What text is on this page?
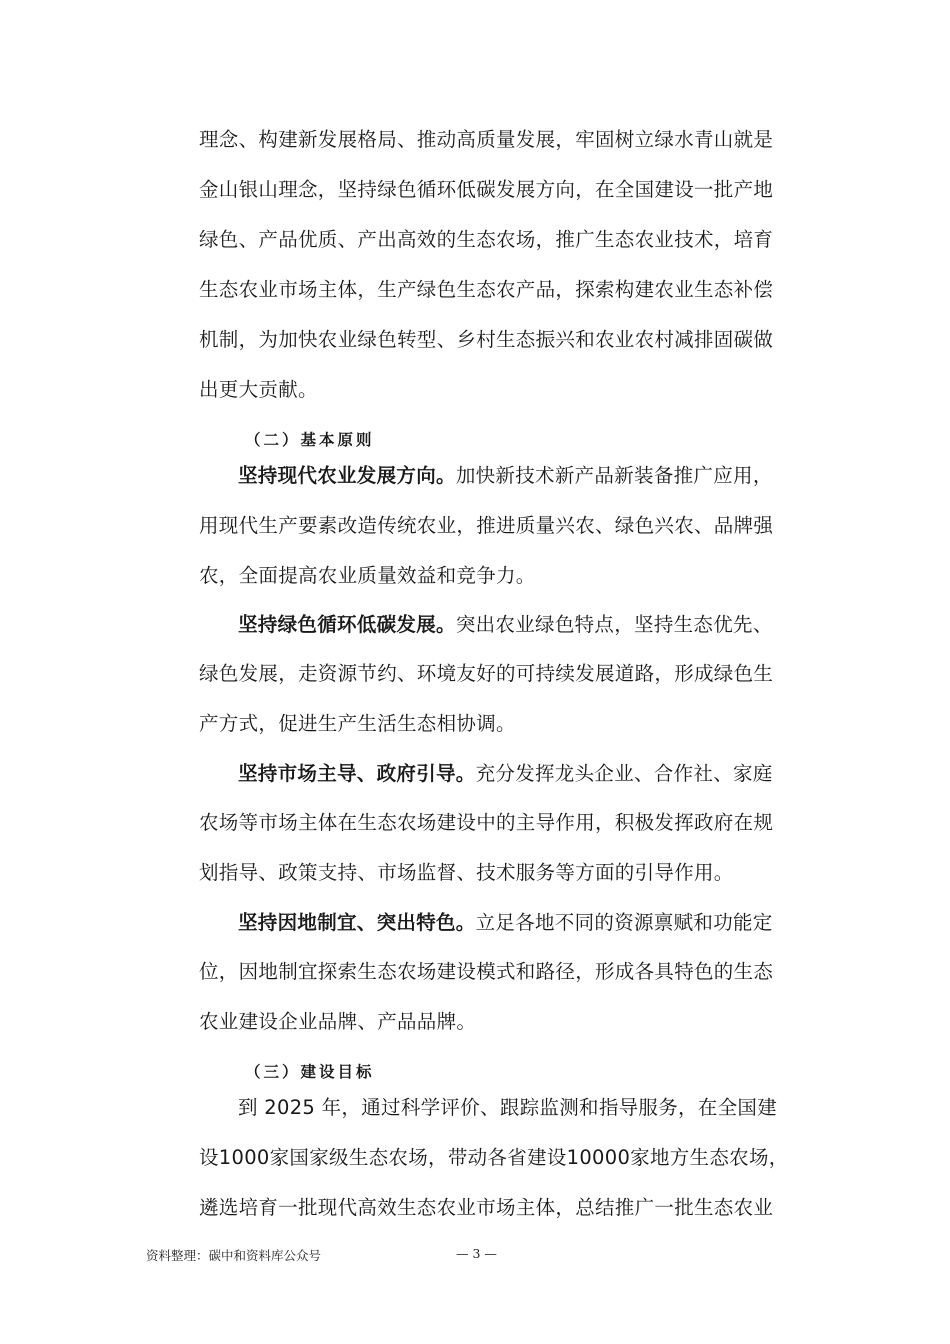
理念、构建新发展格局、推动高质量发展，牢固树立绿水青山就是
金山银山理念，坚持绿色循环低碳发展方向，在全国建设一批产地
绿色、产品优质、产出高效的生态农场，推广生态农业技术，培育
生态农业市场主体，生产绿色生态农产品，探索构建农业生态补偿
机制，为加快农业绿色转型、乡村生态振兴和农业农村减排固碳做
出更大贡献。
（二）基本原则
坚持现代农业发展方向。加快新技术新产品新装备推广应用，
用现代生产要素改造传统农业，推进质量兴农、绿色兴农、品牌强
农，全面提高农业质量效益和竞争力。
坚持绿色循环低碳发展。突出农业绿色特点，坚持生态优先、
绿色发展，走资源节约、环境友好的可持续发展道路，形成绿色生
产方式，促进生产生活生态相协调。
坚持市场主导、政府引导。充分发挥龙头企业、合作社、家庭
农场等市场主体在生态农场建设中的主导作用，积极发挥政府在规
划指导、政策支持、市场监督、技术服务等方面的引导作用。
坚持因地制宜、突出特色。立足各地不同的资源禀赋和功能定
位，因地制宜探索生态农场建设模式和路径，形成各具特色的生态
农业建设企业品牌、产品品牌。
（三）建设目标
到 2025 年，通过科学评价、跟踪监测和指导服务，在全国建
设1000家国家级生态农场，带动各省建设10000家地方生态农场，
遴选培育一批现代高效生态农业市场主体，总结推广一批生态农业
资料整理：碳中和资料库公众号	— 3 —
